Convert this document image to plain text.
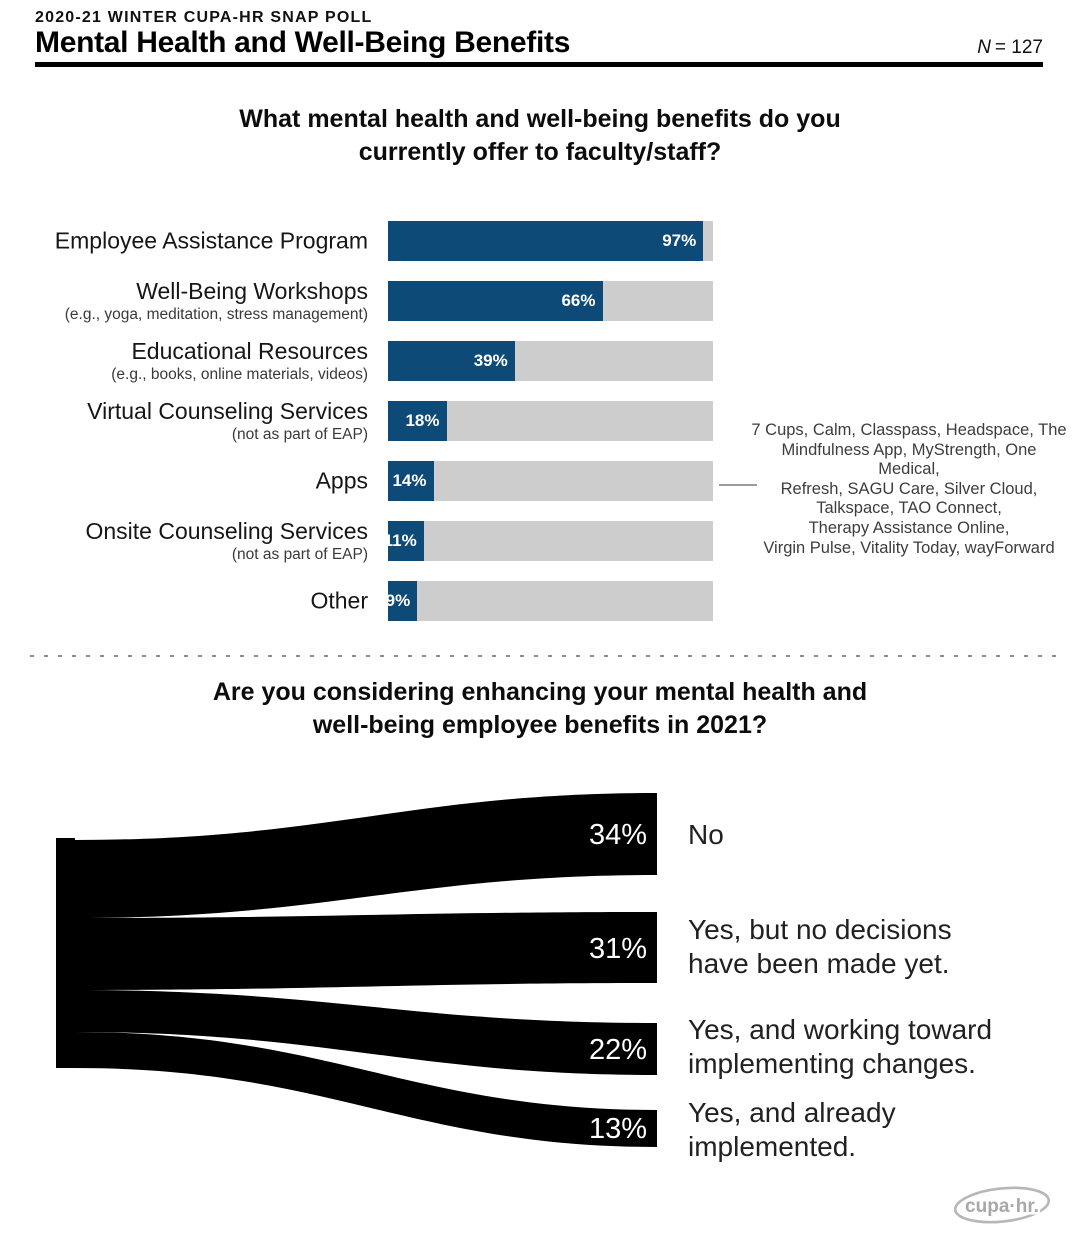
2020-21 WINTER CUPA-HR SNAP POLL
Mental Health and Well-Being Benefits	N = 127
What mental health and well-being benefits do you
currently offer to faculty/staff?
Employee Assistance Program	97%
Well-Being Workshops
(e.g., yoga, meditation, stress management)
66%
Educational Resources
(e.g., books, online materials, videos)
39%
Virtual Counseling Services
(not as part of EAP)
18%
Apps 14%
Onsite Counseling Services
(not as part of EAP)
11%
Other 9%
7 Cups, Calm, Classpass, Headspace, The
Mindfulness App, MyStrength, One Medical,
Refresh, SAGU Care, Silver Cloud,
Talkspace, TAO Connect,
Therapy Assistance Online,
Virgin Pulse, Vitality Today, wayForward
Are you considering enhancing your mental health and
well-being employee benefits in 2021?
34%
31%
22%
13%
No
Yes, but no decisions
have been made yet.
Yes, and working toward
implementing changes.
Yes, and already
implemented.
cupa·hr.
